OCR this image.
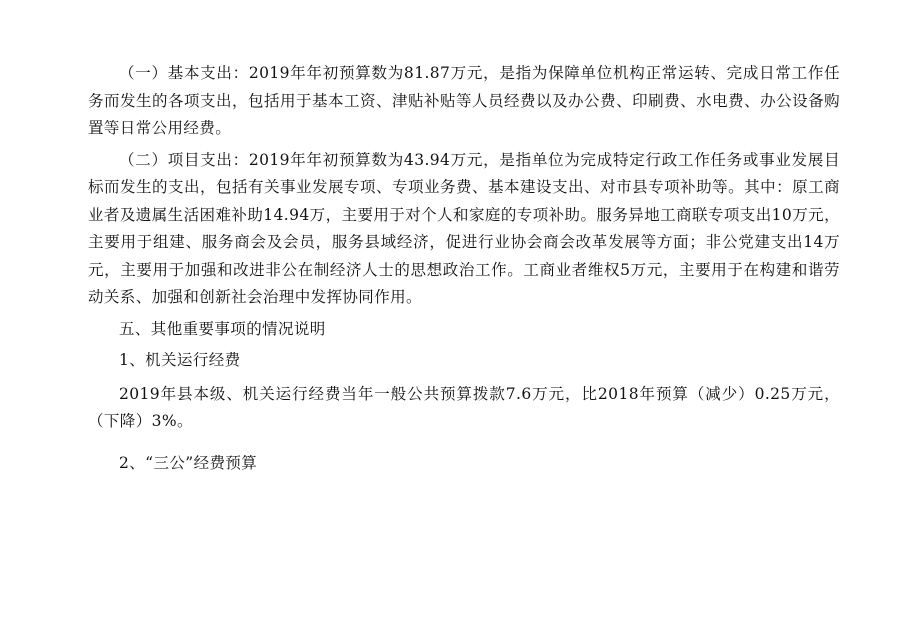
（一）基本支出：2019年年初预算数为81.87万元，是指为保障单位机构正常运转、完成日常工作任务而发生的各项支出，包括用于基本工资、津贴补贴等人员经费以及办公费、印刷费、水电费、办公设备购置等日常公用经费。

（二）项目支出：2019年年初预算数为43.94万元，是指单位为完成特定行政工作任务或事业发展目标而发生的支出，包括有关事业发展专项、专项业务费、基本建设支出、对市县专项补助等。其中：原工商业者及遗属生活困难补助14.94万，主要用于对个人和家庭的专项补助。服务异地工商联专项支出10万元，主要用于组建、服务商会及会员，服务县域经济，促进行业协会商会改革发展等方面；非公党建支出14万元，主要用于加强和改进非公在制经济人士的思想政治工作。工商业者维权5万元，主要用于在构建和谐劳动关系、加强和创新社会治理中发挥协同作用。

五、其他重要事项的情况说明

1、机关运行经费

2019年县本级、机关运行经费当年一般公共预算拨款7.6万元，比2018年预算（减少）0.25万元，（下降）3%。

2、“三公”经费预算
